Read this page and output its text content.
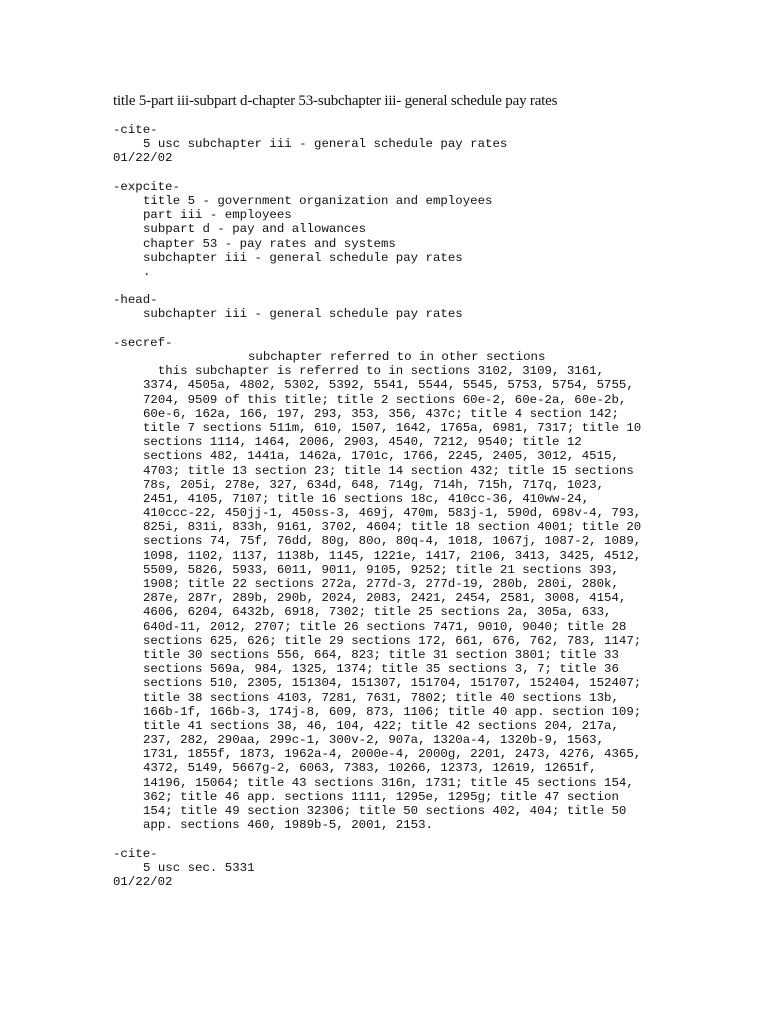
title 5-part iii-subpart d-chapter 53-subchapter iii- general schedule pay rates
-cite-
5 usc subchapter iii - general schedule pay rates
01/22/02
-expcite-
title 5 - government organization and employees
part iii - employees
subpart d - pay and allowances
chapter 53 - pay rates and systems
subchapter iii - general schedule pay rates
.
-head-
subchapter iii - general schedule pay rates
-secref-
subchapter referred to in other sections
this subchapter is referred to in sections 3102, 3109, 3161,
3374, 4505a, 4802, 5302, 5392, 5541, 5544, 5545, 5753, 5754, 5755,
7204, 9509 of this title; title 2 sections 60e-2, 60e-2a, 60e-2b,
60e-6, 162a, 166, 197, 293, 353, 356, 437c; title 4 section 142;
title 7 sections 511m, 610, 1507, 1642, 1765a, 6981, 7317; title 10
sections 1114, 1464, 2006, 2903, 4540, 7212, 9540; title 12
sections 482, 1441a, 1462a, 1701c, 1766, 2245, 2405, 3012, 4515,
4703; title 13 section 23; title 14 section 432; title 15 sections
78s, 205i, 278e, 327, 634d, 648, 714g, 714h, 715h, 717q, 1023,
2451, 4105, 7107; title 16 sections 18c, 410cc-36, 410ww-24,
410ccc-22, 450jj-1, 450ss-3, 469j, 470m, 583j-1, 590d, 698v-4, 793,
825i, 831i, 833h, 9161, 3702, 4604; title 18 section 4001; title 20
sections 74, 75f, 76dd, 80g, 80o, 80q-4, 1018, 1067j, 1087-2, 1089,
1098, 1102, 1137, 1138b, 1145, 1221e, 1417, 2106, 3413, 3425, 4512,
5509, 5826, 5933, 6011, 9011, 9105, 9252; title 21 sections 393,
1908; title 22 sections 272a, 277d-3, 277d-19, 280b, 280i, 280k,
287e, 287r, 289b, 290b, 2024, 2083, 2421, 2454, 2581, 3008, 4154,
4606, 6204, 6432b, 6918, 7302; title 25 sections 2a, 305a, 633,
640d-11, 2012, 2707; title 26 sections 7471, 9010, 9040; title 28
sections 625, 626; title 29 sections 172, 661, 676, 762, 783, 1147;
title 30 sections 556, 664, 823; title 31 section 3801; title 33
sections 569a, 984, 1325, 1374; title 35 sections 3, 7; title 36
sections 510, 2305, 151304, 151307, 151704, 151707, 152404, 152407;
title 38 sections 4103, 7281, 7631, 7802; title 40 sections 13b,
166b-1f, 166b-3, 174j-8, 609, 873, 1106; title 40 app. section 109;
title 41 sections 38, 46, 104, 422; title 42 sections 204, 217a,
237, 282, 290aa, 299c-1, 300v-2, 907a, 1320a-4, 1320b-9, 1563,
1731, 1855f, 1873, 1962a-4, 2000e-4, 2000g, 2201, 2473, 4276, 4365,
4372, 5149, 5667g-2, 6063, 7383, 10266, 12373, 12619, 12651f,
14196, 15064; title 43 sections 316n, 1731; title 45 sections 154,
362; title 46 app. sections 1111, 1295e, 1295g; title 47 section
154; title 49 section 32306; title 50 sections 402, 404; title 50
app. sections 460, 1989b-5, 2001, 2153.
-cite-
5 usc sec. 5331
01/22/02
